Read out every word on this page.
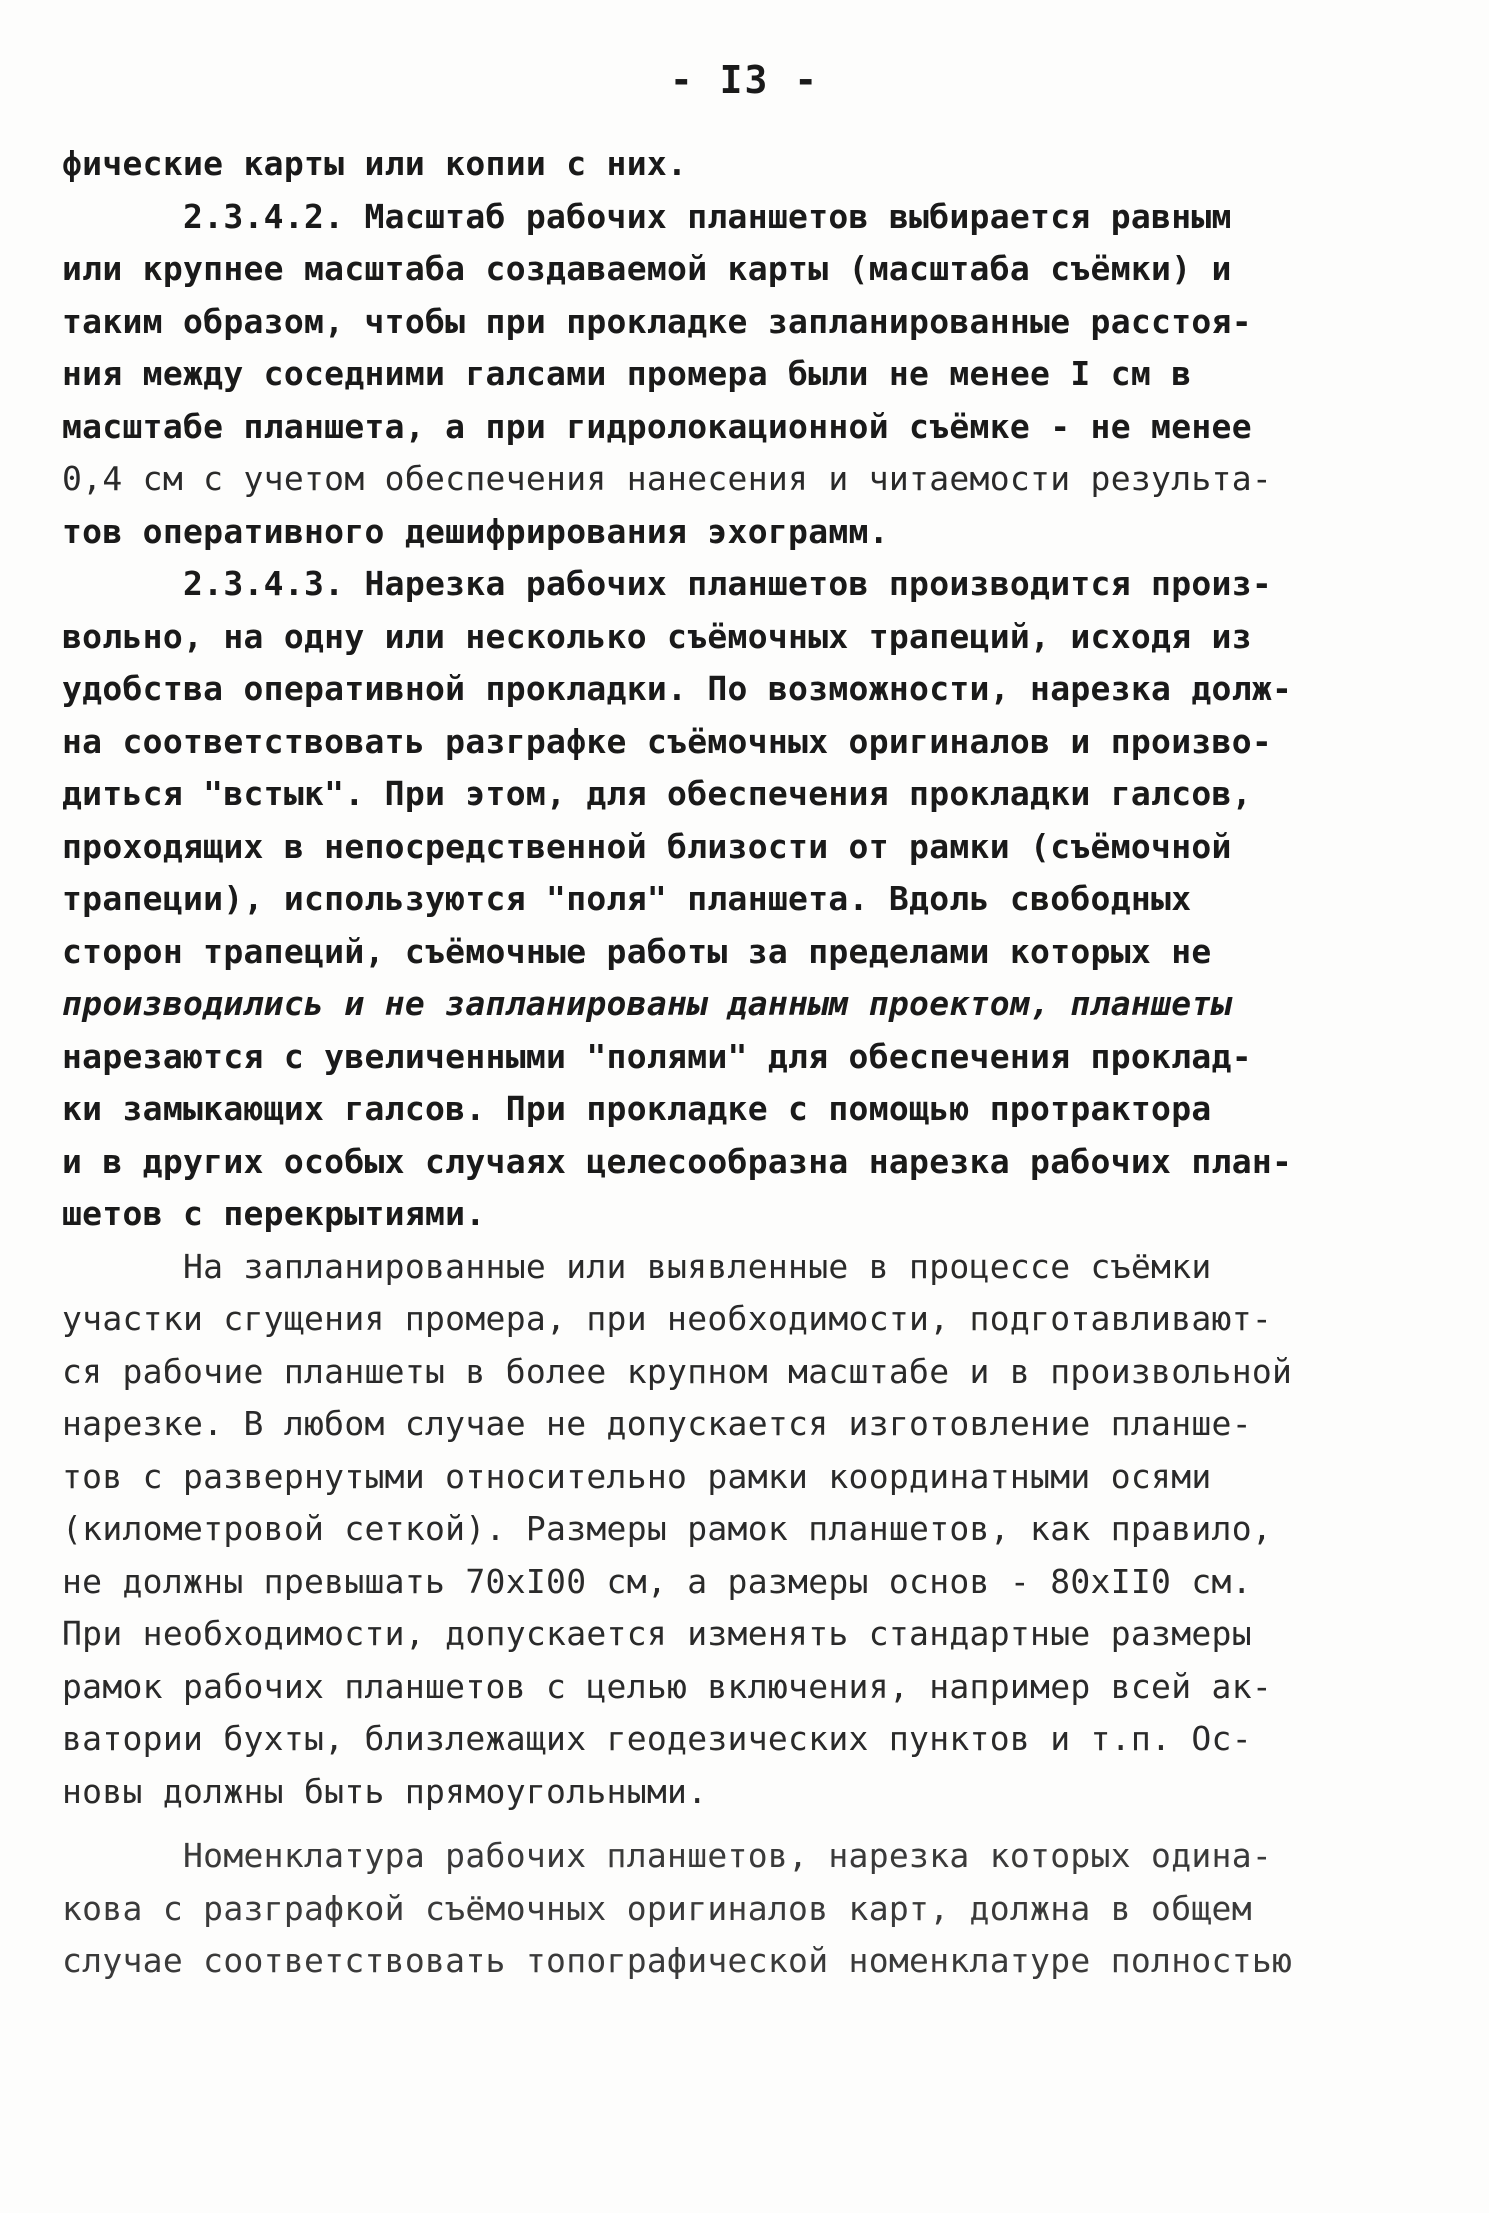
- I3 -
фические карты или копии с них.
2.3.4.2. Масштаб рабочих планшетов выбирается равным
или крупнее масштаба создаваемой карты (масштаба съёмки) и
таким образом, чтобы при прокладке запланированные расстоя-
ния между соседними галсами промера были не менее I см в
масштабе планшета, а при гидролокационной съёмке - не менее
0,4 см с учетом обеспечения нанесения и читаемости результа-
тов оперативного дешифрирования эхограмм.
2.3.4.3. Нарезка рабочих планшетов производится произ-
вольно, на одну или несколько съёмочных трапеций, исходя из
удобства оперативной прокладки. По возможности, нарезка долж-
на соответствовать разграфке съёмочных оригиналов и произво-
диться "встык". При этом, для обеспечения прокладки галсов,
проходящих в непосредственной близости от рамки (съёмочной
трапеции), используются "поля" планшета. Вдоль свободных
сторон трапеций, съёмочные работы за пределами которых не
производились и не запланированы данным проектом, планшеты
нарезаются с увеличенными "полями" для обеспечения проклад-
ки замыкающих галсов. При прокладке с помощью протрактора
и в других особых случаях целесообразна нарезка рабочих план-
шетов с перекрытиями.
На запланированные или выявленные в процессе съёмки
участки сгущения промера, при необходимости, подготавливают-
ся рабочие планшеты в более крупном масштабе и в произвольной
нарезке. В любом случае не допускается изготовление планше-
тов с развернутыми относительно рамки координатными осями
(километровой сеткой). Размеры рамок планшетов, как правило,
не должны превышать 70хI00 см, а размеры основ - 80хII0 см.
При необходимости, допускается изменять стандартные размеры
рамок рабочих планшетов с целью включения, например всей ак-
ватории бухты, близлежащих геодезических пунктов и т.п. Ос-
новы должны быть прямоугольными.
Номенклатура рабочих планшетов, нарезка которых одина-
кова с разграфкой съёмочных оригиналов карт, должна в общем
случае соответствовать топографической номенклатуре полностью
